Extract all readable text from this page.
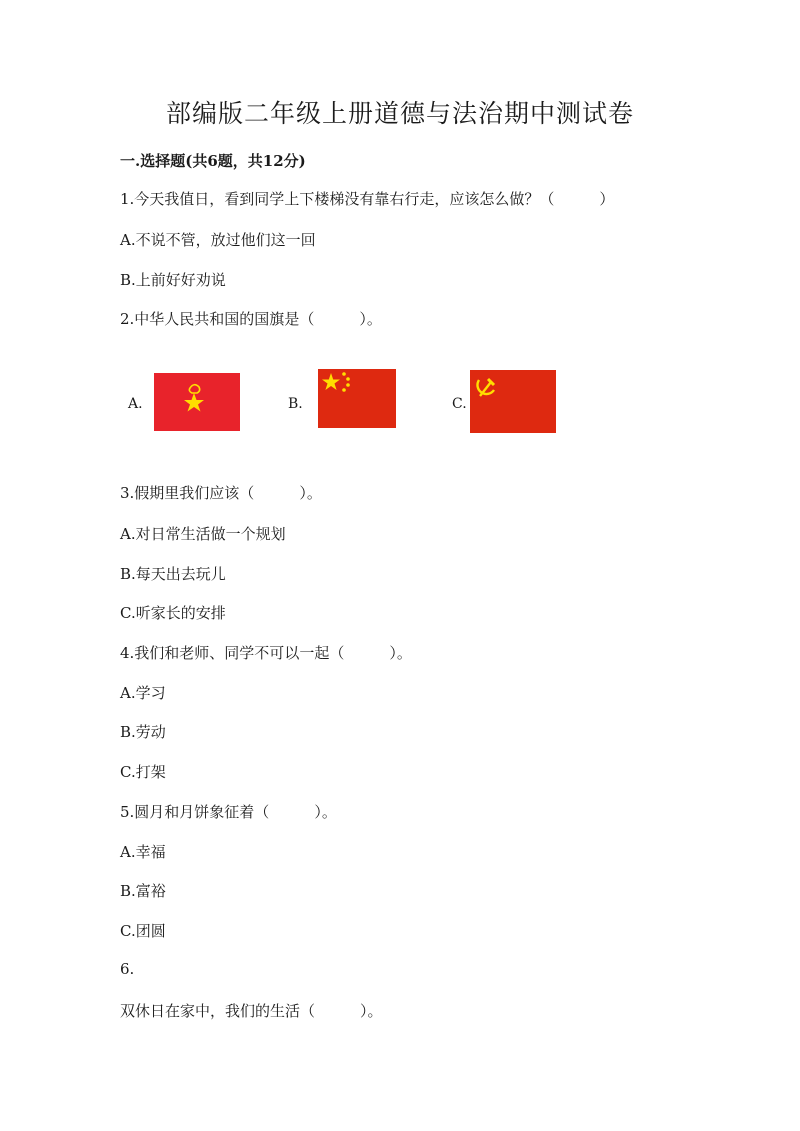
部编版二年级上册道德与法治期中测试卷
一.选择题(共6题，共12分)
1.今天我值日，看到同学上下楼梯没有靠右行走，应该怎么做？（　　　）
A.不说不管，放过他们这一回
B.上前好好劝说
2.中华人民共和国的国旗是（　　　）。
A.	B.	C.
3.假期里我们应该（　　　）。
A.对日常生活做一个规划
B.每天出去玩儿
C.听家长的安排
4.我们和老师、同学不可以一起（　　　）。
A.学习
B.劳动
C.打架
5.圆月和月饼象征着（　　　）。
A.幸福
B.富裕
C.团圆
6.
双休日在家中，我们的生活（　　　）。
